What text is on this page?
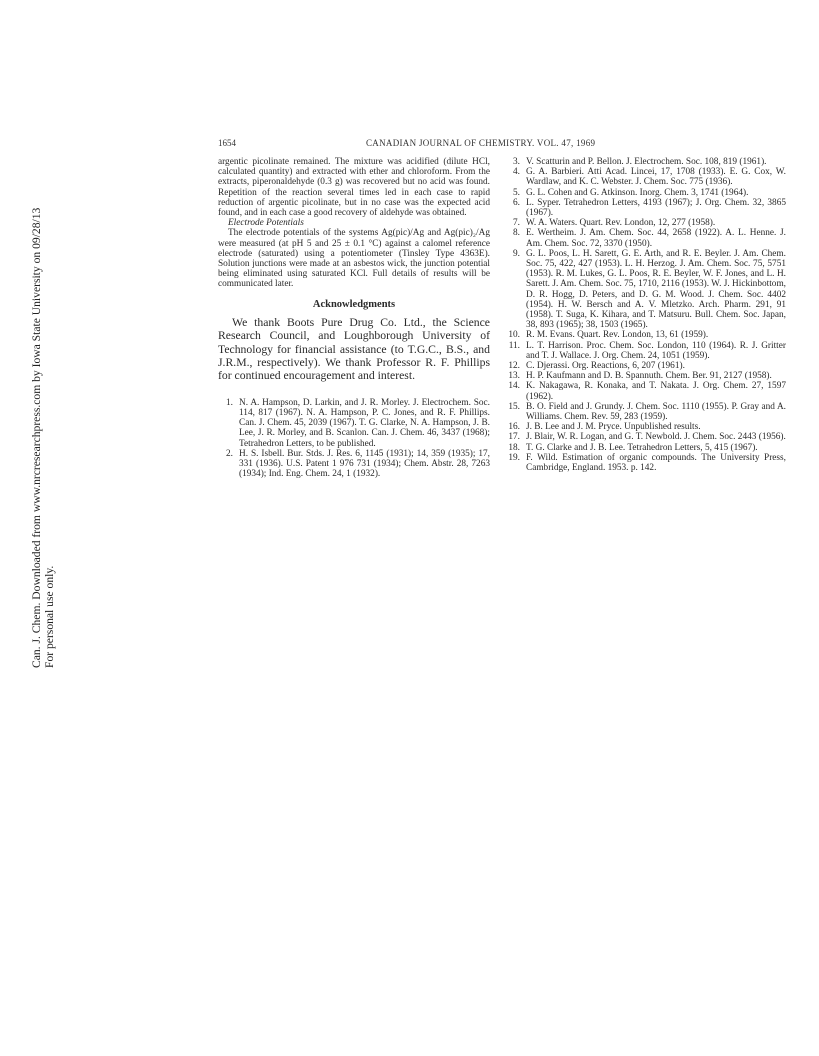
Can. J. Chem. Downloaded from www.nrcresearchpress.com by Iowa State University on 09/28/13 For personal use only.
1654	CANADIAN JOURNAL OF CHEMISTRY. VOL. 47, 1969

argentic picolinate remained. The mixture was acidified (dilute HCl, calculated quantity) and extracted with ether and chloroform. From the extracts, piperonaldehyde (0.3 g) was recovered but no acid was found. Repetition of the reaction several times led in each case to rapid reduction of argentic picolinate, but in no case was the expected acid found, and in each case a good recovery of aldehyde was obtained.

Electrode Potentials

The electrode potentials of the systems Ag(pic)/Ag and Ag(pic)₂/Ag were measured (at pH 5 and 25 ± 0.1 °C) against a calomel reference electrode (saturated) using a potentiometer (Tinsley Type 4363E). Solution junctions were made at an asbestos wick, the junction potential being eliminated using saturated KCl. Full details of results will be communicated later.

Acknowledgments

We thank Boots Pure Drug Co. Ltd., the Science Research Council, and Loughborough University of Technology for financial assistance (to T.G.C., B.S., and J.R.M., respectively). We thank Professor R. F. Phillips for continued encouragement and interest.

1. N. A. Hampson, D. Larkin, and J. R. Morley. J. Electrochem. Soc. 114, 817 (1967). N. A. Hampson, P. C. Jones, and R. F. Phillips. Can. J. Chem. 45, 2039 (1967). T. G. Clarke, N. A. Hampson, J. B. Lee, J. R. Morley, and B. Scanlon. Can. J. Chem. 46, 3437 (1968); Tetrahedron Letters, to be published.
2. H. S. Isbell. Bur. Stds. J. Res. 6, 1145 (1931); 14, 359 (1935); 17, 331 (1936). U.S. Patent 1 976 731 (1934); Chem. Abstr. 28, 7263 (1934); Ind. Eng. Chem. 24, 1 (1932).
3. V. Scatturin and P. Bellon. J. Electrochem. Soc. 108, 819 (1961).
4. G. A. Barbieri. Atti Acad. Lincei, 17, 1708 (1933). E. G. Cox, W. Wardlaw, and K. C. Webster. J. Chem. Soc. 775 (1936).
5. G. L. Cohen and G. Atkinson. Inorg. Chem. 3, 1741 (1964).
6. L. Syper. Tetrahedron Letters, 4193 (1967); J. Org. Chem. 32, 3865 (1967).
7. W. A. Waters. Quart. Rev. London, 12, 277 (1958).
8. E. Wertheim. J. Am. Chem. Soc. 44, 2658 (1922). A. L. Henne. J. Am. Chem. Soc. 72, 3370 (1950).
9. G. L. Poos, L. H. Sarett, G. E. Arth, and R. E. Beyler. J. Am. Chem. Soc. 75, 422, 427 (1953). L. H. Herzog. J. Am. Chem. Soc. 75, 5751 (1953). R. M. Lukes, G. L. Poos, R. E. Beyler, W. F. Jones, and L. H. Sarett. J. Am. Chem. Soc. 75, 1710, 2116 (1953). W. J. Hickinbottom, D. R. Hogg, D. Peters, and D. G. M. Wood. J. Chem. Soc. 4402 (1954). H. W. Bersch and A. V. Mletzko. Arch. Pharm. 291, 91 (1958). T. Suga, K. Kihara, and T. Matsuru. Bull. Chem. Soc. Japan, 38, 893 (1965); 38, 1503 (1965).
10. R. M. Evans. Quart. Rev. London, 13, 61 (1959).
11. L. T. Harrison. Proc. Chem. Soc. London, 110 (1964). R. J. Gritter and T. J. Wallace. J. Org. Chem. 24, 1051 (1959).
12. C. Djerassi. Org. Reactions, 6, 207 (1961).
13. H. P. Kaufmann and D. B. Spannuth. Chem. Ber. 91, 2127 (1958).
14. K. Nakagawa, R. Konaka, and T. Nakata. J. Org. Chem. 27, 1597 (1962).
15. B. O. Field and J. Grundy. J. Chem. Soc. 1110 (1955). P. Gray and A. Williams. Chem. Rev. 59, 283 (1959).
16. J. B. Lee and J. M. Pryce. Unpublished results.
17. J. Blair, W. R. Logan, and G. T. Newbold. J. Chem. Soc. 2443 (1956).
18. T. G. Clarke and J. B. Lee. Tetrahedron Letters, 5, 415 (1967).
19. F. Wild. Estimation of organic compounds. The University Press, Cambridge, England. 1953. p. 142.
